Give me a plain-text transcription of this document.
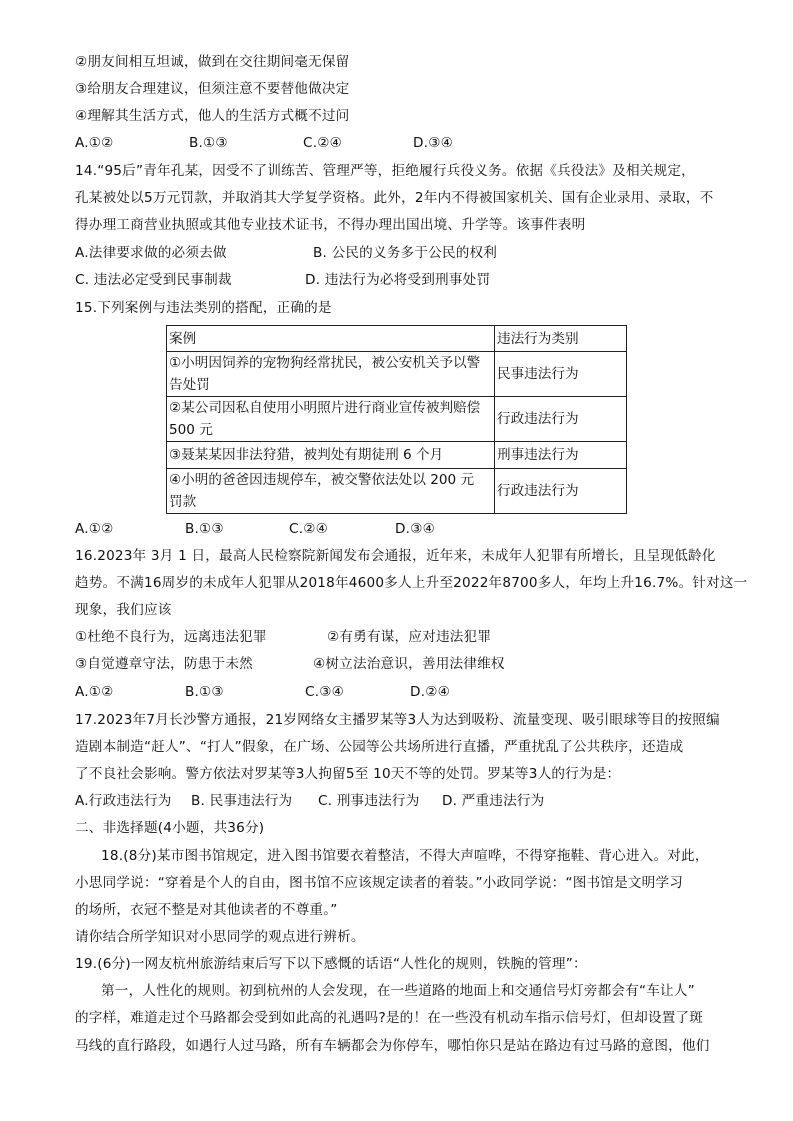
②朋友间相互坦诚，做到在交往期间毫无保留
③给朋友合理建议，但须注意不要替他做决定
④理解其生活方式，他人的生活方式概不过问
A.①②	B.①③	C.②④	D.③④
14.“95后”青年孔某，因受不了训练苦、管理严等，拒绝履行兵役义务。依据《兵役法》及相关规定，
孔某被处以5万元罚款，并取消其大学复学资格。此外，2年内不得被国家机关、国有企业录用、录取，不
得办理工商营业执照或其他专业技术证书，不得办理出国出境、升学等。该事件表明
A.法律要求做的必须去做	B. 公民的义务多于公民的权利
C. 违法必定受到民事制裁	D. 违法行为必将受到刑事处罚
15.下列案例与违法类别的搭配，正确的是
案例	违法行为类别

①小明因饲养的宠物狗经常扰民，被公安机关予以警
告处罚	民事违法行为

②某公司因私自使用小明照片进行商业宣传被判赔偿
500 元	行政违法行为

③聂某某因非法狩猎，被判处有期徒刑 6 个月	刑事违法行为

④小明的爸爸因违规停车，被交警依法处以 200 元
罚款	行政违法行为
A.①②	B.①③	C.②④	D.③④
16.2023年 3月 1 日，最高人民检察院新闻发布会通报，近年来，未成年人犯罪有所增长，且呈现低龄化
趋势。不满16周岁的未成年人犯罪从2018年4600多人上升至2022年8700多人，年均上升16.7%。针对这一
现象，我们应该
①杜绝不良行为，远离违法犯罪	②有勇有谋，应对违法犯罪
③自觉遵章守法，防患于未然	④树立法治意识，善用法律维权
A.①②	B.①③	C.③④	D.②④
17.2023年7月长沙警方通报，21岁网络女主播罗某等3人为达到吸粉、流量变现、吸引眼球等目的按照编
造剧本制造“赶人”、“打人”假象，在广场、公园等公共场所进行直播，严重扰乱了公共秩序，还造成
了不良社会影响。警方依法对罗某等3人拘留5至 10天不等的处罚。罗某等3人的行为是：
A.行政违法行为	B. 民事违法行为	C. 刑事违法行为	D. 严重违法行为
二、非选择题(4小题，共36分)
18.(8分)某市图书馆规定，进入图书馆要衣着整洁，不得大声喧哗，不得穿拖鞋、背心进入。对此，
小思同学说：“穿着是个人的自由，图书馆不应该规定读者的着装。”小政同学说：“图书馆是文明学习
的场所，衣冠不整是对其他读者的不尊重。”
请你结合所学知识对小思同学的观点进行辨析。
19.(6分)一网友杭州旅游结束后写下以下感慨的话语“人性化的规则，铁腕的管理”：
第一，人性化的规则。初到杭州的人会发现，在一些道路的地面上和交通信号灯旁都会有“车让人”
的字样，难道走过个马路都会受到如此高的礼遇吗?是的！在一些没有机动车指示信号灯，但却设置了斑
马线的直行路段，如遇行人过马路，所有车辆都会为你停车，哪怕你只是站在路边有过马路的意图，他们
